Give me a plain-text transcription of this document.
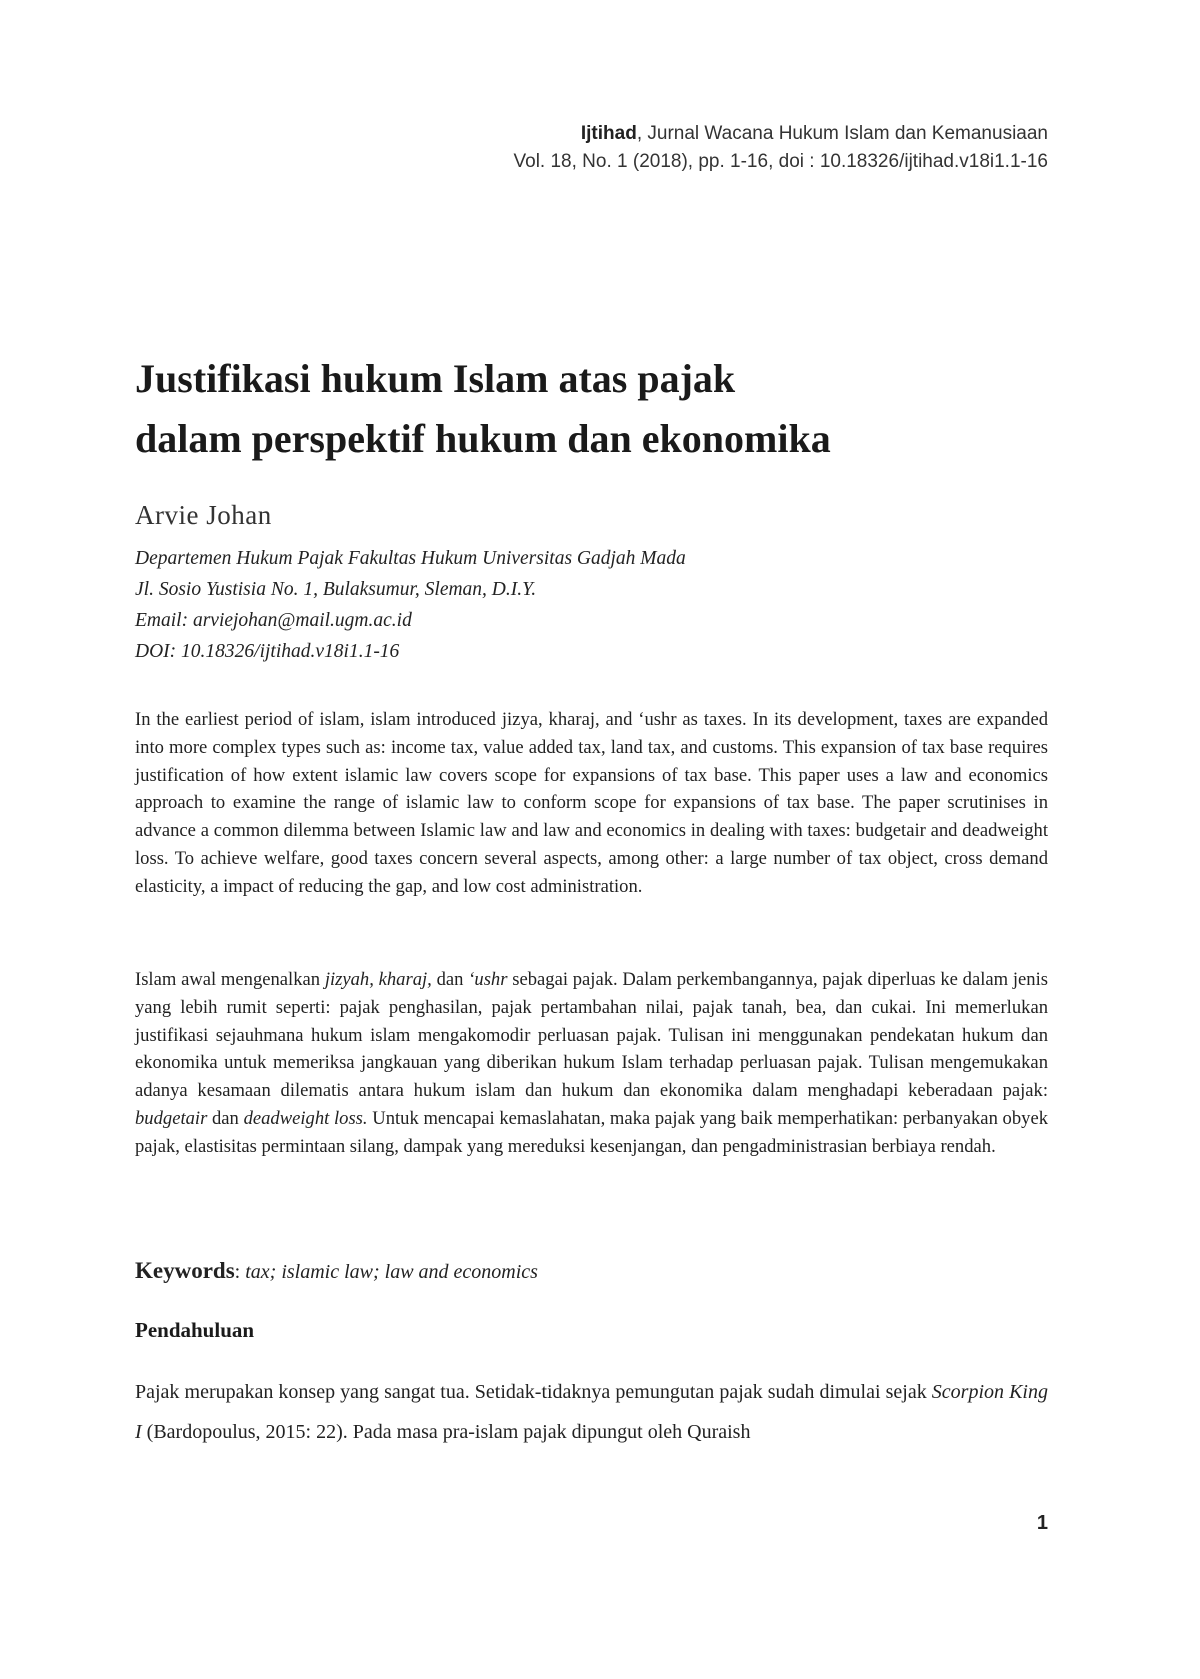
Ijtihad, Jurnal Wacana Hukum Islam dan Kemanusiaan
Vol. 18, No. 1 (2018), pp. 1-16, doi : 10.18326/ijtihad.v18i1.1-16
Justifikasi hukum Islam atas pajak
dalam perspektif hukum dan ekonomika
Arvie Johan
Departemen Hukum Pajak Fakultas Hukum Universitas Gadjah Mada
Jl. Sosio Yustisia No. 1, Bulaksumur, Sleman, D.I.Y.
Email: arviejohan@mail.ugm.ac.id
DOI: 10.18326/ijtihad.v18i1.1-16

In the earliest period of islam, islam introduced jizya, kharaj, and ‘ushr as taxes. In its development, taxes are expanded into more complex types such as: income tax, value added tax, land tax, and customs. This expansion of tax base requires justification of how extent islamic law covers scope for expansions of tax base. This paper uses a law and economics approach to examine the range of islamic law to conform scope for expansions of tax base. The paper scrutinises in advance a common dilemma between Islamic law and law and economics in dealing with taxes: budgetair and deadweight loss. To achieve welfare, good taxes concern several aspects, among other: a large number of tax object, cross demand elasticity, a impact of reducing the gap, and low cost administration.

Islam awal mengenalkan jizyah, kharaj, dan ‘ushr sebagai pajak. Dalam perkembangannya, pajak diperluas ke dalam jenis yang lebih rumit seperti: pajak penghasilan, pajak pertambahan nilai, pajak tanah, bea, dan cukai. Ini memerlukan justifikasi sejauhmana hukum islam mengakomodir perluasan pajak. Tulisan ini menggunakan pendekatan hukum dan ekonomika untuk memeriksa jangkauan yang diberikan hukum Islam terhadap perluasan pajak. Tulisan mengemukakan adanya kesamaan dilematis antara hukum islam dan hukum dan ekonomika dalam menghadapi keberadaan pajak: budgetair dan deadweight loss. Untuk mencapai kemaslahatan, maka pajak yang baik memperhatikan: perbanyakan obyek pajak, elastisitas permintaan silang, dampak yang mereduksi kesenjangan, dan pengadministrasian berbiaya rendah.

Keywords: tax; islamic law; law and economics
Pendahuluan

Pajak merupakan konsep yang sangat tua. Setidak-tidaknya pemungutan pajak sudah dimulai sejak Scorpion King I (Bardopoulus, 2015: 22). Pada masa pra-islam pajak dipungut oleh Quraish

1
